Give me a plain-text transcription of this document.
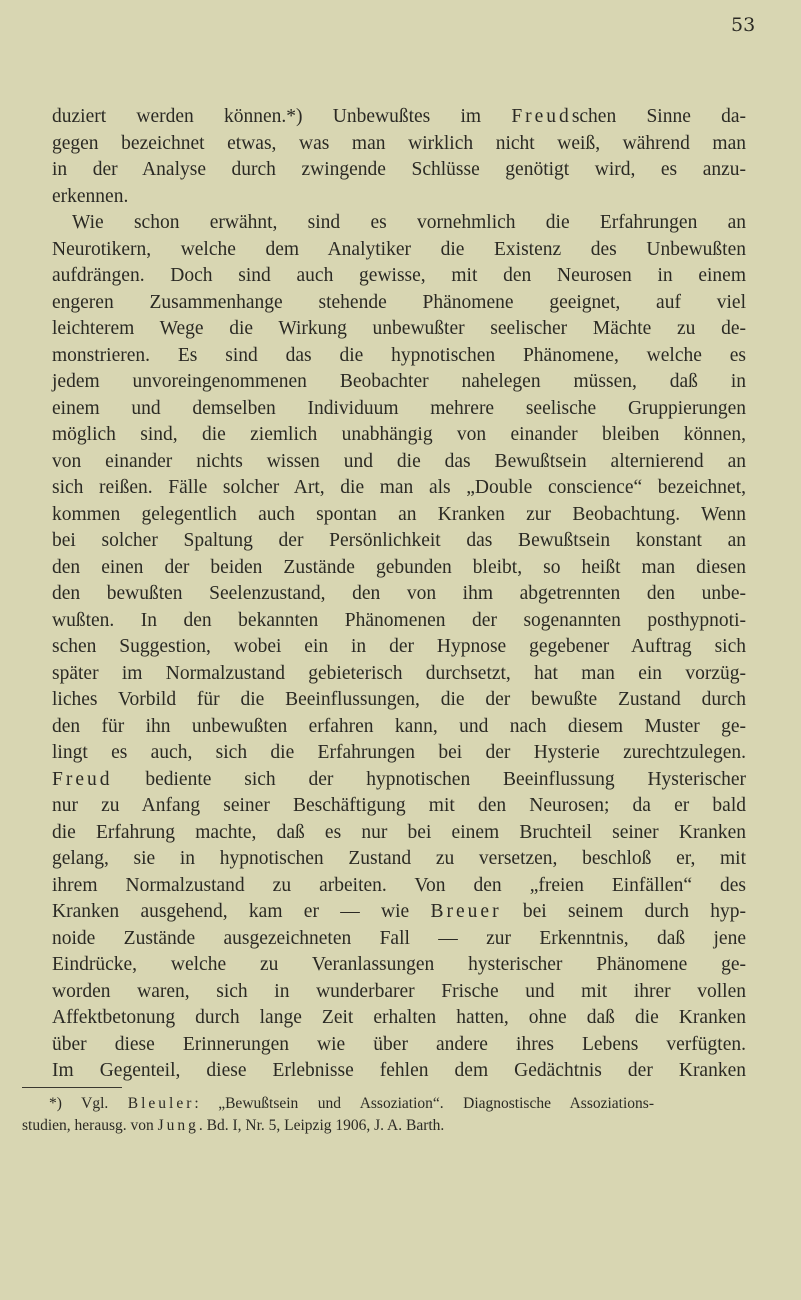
53
duziert werden können.*) Unbewußtes im Freudschen Sinne da-
gegen bezeichnet etwas, was man wirklich nicht weiß, während man
in der Analyse durch zwingende Schlüsse genötigt wird, es anzu-
erkennen.
Wie schon erwähnt, sind es vornehmlich die Erfahrungen an
Neurotikern, welche dem Analytiker die Existenz des Unbewußten
aufdrängen. Doch sind auch gewisse, mit den Neurosen in einem
engeren Zusammenhange stehende Phänomene geeignet, auf viel
leichterem Wege die Wirkung unbewußter seelischer Mächte zu de-
monstrieren. Es sind das die hypnotischen Phänomene, welche es
jedem unvoreingenommenen Beobachter nahelegen müssen, daß in
einem und demselben Individuum mehrere seelische Gruppierungen
möglich sind, die ziemlich unabhängig von einander bleiben können,
von einander nichts wissen und die das Bewußtsein alternierend an
sich reißen. Fälle solcher Art, die man als „Double conscience“ bezeichnet,
kommen gelegentlich auch spontan an Kranken zur Beobachtung. Wenn
bei solcher Spaltung der Persönlichkeit das Bewußtsein konstant an
den einen der beiden Zustände gebunden bleibt, so heißt man diesen
den bewußten Seelenzustand, den von ihm abgetrennten den unbe-
wußten. In den bekannten Phänomenen der sogenannten posthypnoti-
schen Suggestion, wobei ein in der Hypnose gegebener Auftrag sich
später im Normalzustand gebieterisch durchsetzt, hat man ein vorzüg-
liches Vorbild für die Beeinflussungen, die der bewußte Zustand durch
den für ihn unbewußten erfahren kann, und nach diesem Muster ge-
lingt es auch, sich die Erfahrungen bei der Hysterie zurechtzulegen.
Freud bediente sich der hypnotischen Beeinflussung Hysterischer
nur zu Anfang seiner Beschäftigung mit den Neurosen; da er bald
die Erfahrung machte, daß es nur bei einem Bruchteil seiner Kranken
gelang, sie in hypnotischen Zustand zu versetzen, beschloß er, mit
ihrem Normalzustand zu arbeiten. Von den „freien Einfällen“ des
Kranken ausgehend, kam er — wie Breuer bei seinem durch hyp-
noide Zustände ausgezeichneten Fall — zur Erkenntnis, daß jene
Eindrücke, welche zu Veranlassungen hysterischer Phänomene ge-
worden waren, sich in wunderbarer Frische und mit ihrer vollen
Affektbetonung durch lange Zeit erhalten hatten, ohne daß die Kranken
über diese Erinnerungen wie über andere ihres Lebens verfügten.
Im Gegenteil, diese Erlebnisse fehlen dem Gedächtnis der Kranken
*) Vgl. Bleuler: „Bewußtsein und Assoziation“. Diagnostische Assoziations-
studien, herausg. von Jung. Bd. I, Nr. 5, Leipzig 1906, J. A. Barth.
